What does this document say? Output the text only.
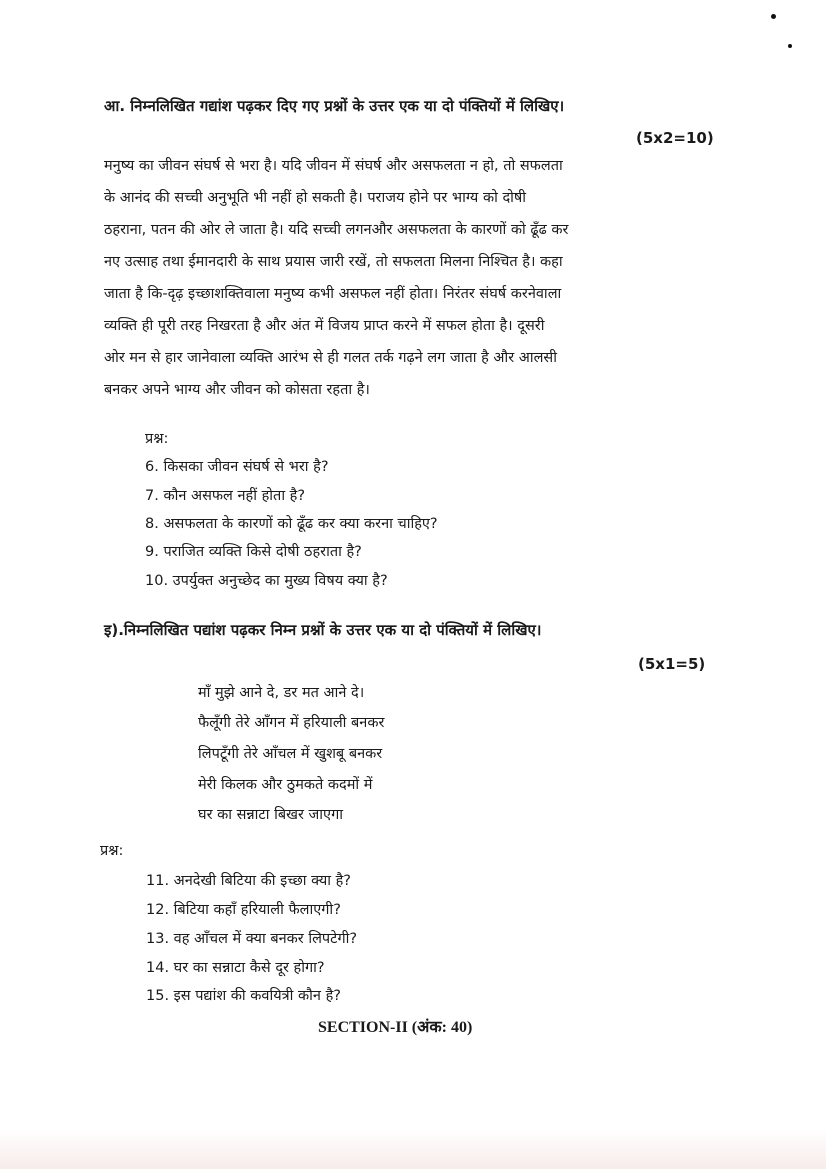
आ. निम्नलिखित गद्यांश पढ़कर दिए गए प्रश्नों के उत्तर एक या दो पंक्तियों में लिखिए।
(5x2=10)
मनुष्य का जीवन संघर्ष से भरा है। यदि जीवन में संघर्ष और असफलता न हो, तो सफलता
के आनंद की सच्ची अनुभूति भी नहीं हो सकती है। पराजय होने पर भाग्य को दोषी
ठहराना, पतन की ओर ले जाता है। यदि सच्ची लगनऔर असफलता के कारणों को ढूँढ कर
नए उत्साह तथा ईमानदारी के साथ प्रयास जारी रखें, तो सफलता मिलना निश्चित है। कहा
जाता है कि-दृढ़ इच्छाशक्तिवाला मनुष्य कभी असफल नहीं होता। निरंतर संघर्ष करनेवाला
व्यक्ति ही पूरी तरह निखरता है और अंत में विजय प्राप्त करने में सफल होता है। दूसरी
ओर मन से हार जानेवाला व्यक्ति आरंभ से ही गलत तर्क गढ़ने लग जाता है और आलसी
बनकर अपने भाग्य और जीवन को कोसता रहता है।
प्रश्न:
6. किसका जीवन संघर्ष से भरा है?
7. कौन असफल नहीं होता है?
8. असफलता के कारणों को ढूँढ कर क्या करना चाहिए?
9. पराजित व्यक्ति किसे दोषी ठहराता है?
10. उपर्युक्त अनुच्छेद का मुख्य विषय क्या है?
इ).निम्नलिखित पद्यांश पढ़कर निम्न प्रश्नों के उत्तर एक या दो पंक्तियों में लिखिए।
(5x1=5)
माँ मुझे आने दे, डर मत आने दे।
फैलूँगी तेरे आँगन में हरियाली बनकर
लिपटूँगी तेरे आँचल में खुशबू बनकर
मेरी किलक और ठुमकते कदमों में
घर का सन्नाटा बिखर जाएगा
प्रश्न:
11. अनदेखी बिटिया की इच्छा क्या है?
12. बिटिया कहाँ हरियाली फैलाएगी?
13. वह आँचल में क्या बनकर लिपटेगी?
14. घर का सन्नाटा कैसे दूर होगा?
15. इस पद्यांश की कवयित्री कौन है?
SECTION-II (अंक: 40)
